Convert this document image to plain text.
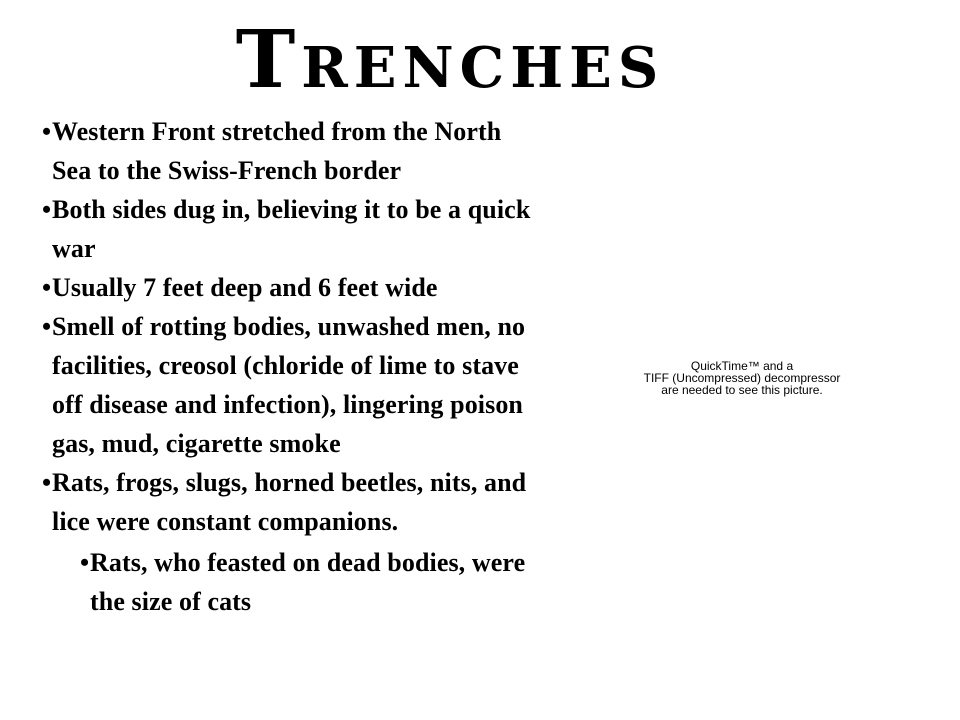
Trenches
• Western Front stretched from the North Sea to the Swiss-French border
• Both sides dug in, believing it to be a quick war
• Usually 7 feet deep and 6 feet wide
• Smell of rotting bodies, unwashed men, no facilities, creosol (chloride of lime to stave off disease and infection), lingering poison gas, mud, cigarette smoke
• Rats, frogs, slugs, horned beetles, nits, and lice were constant companions.
• Rats, who feasted on dead bodies, were the size of cats
QuickTime™ and a
TIFF (Uncompressed) decompressor
are needed to see this picture.
